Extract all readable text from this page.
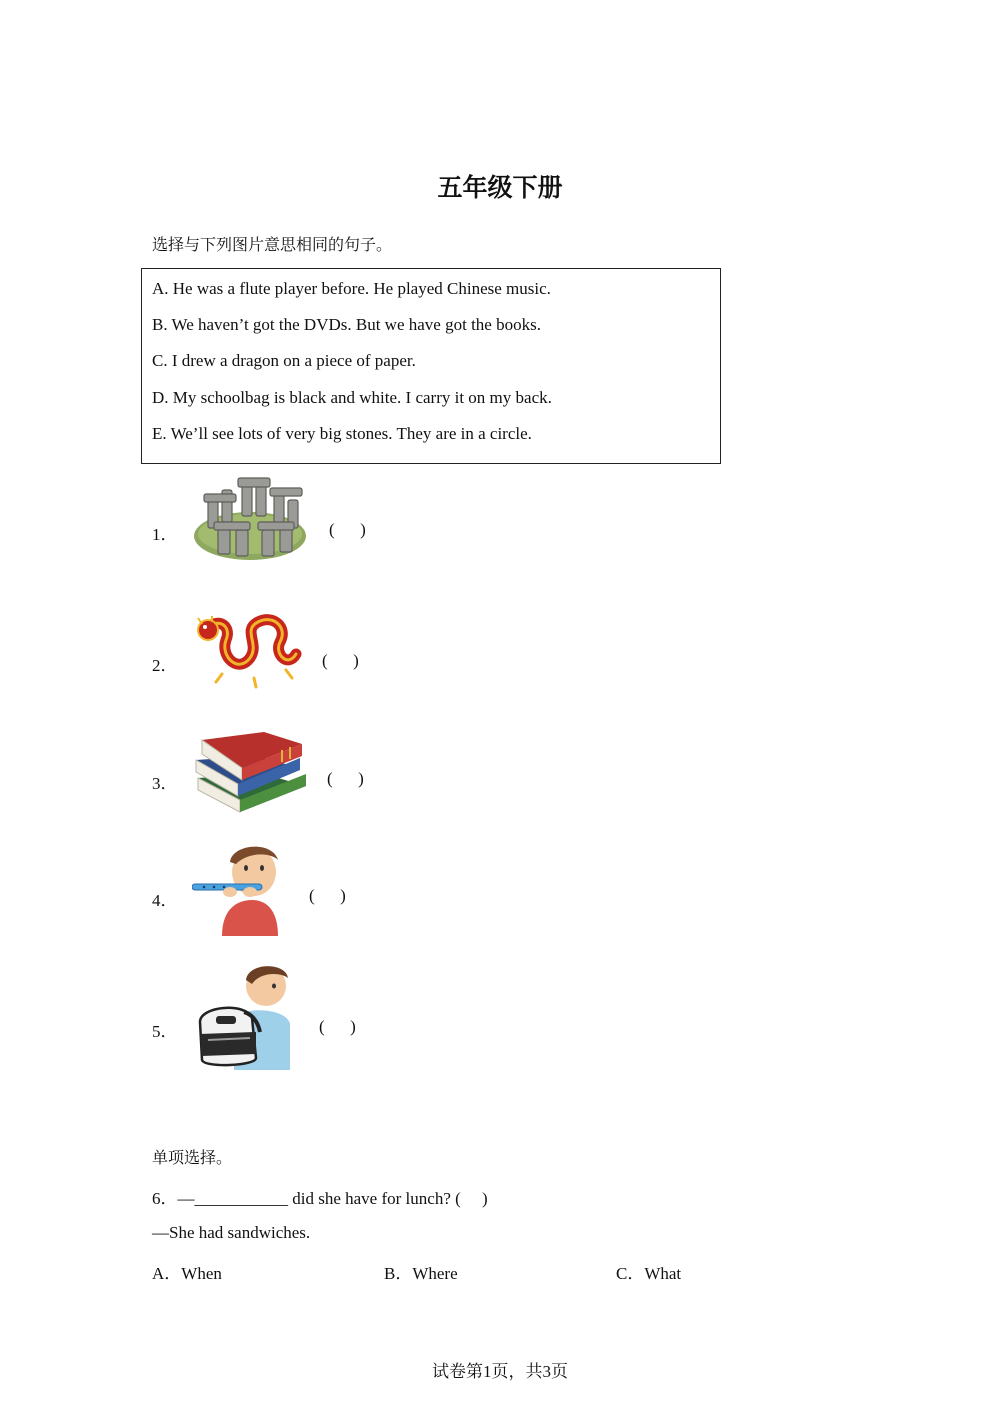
五年级下册
选择与下列图片意思相同的句子。
A. He was a flute player before. He played Chinese music.
B. We haven’t got the DVDs. But we have got the books.
C. I drew a dragon on a piece of paper.
D. My schoolbag is black and white. I carry it on my back.
E. We’ll see lots of very big stones. They are in a circle.
1．	(      )
2．	(      )
3．	(      )
4．	(      )
5．	(      )
单项选择。
6．—___________ did she have for lunch? (     )
—She had sandwiches.
A．When	B．Where	C．What
试卷第1页，共3页
